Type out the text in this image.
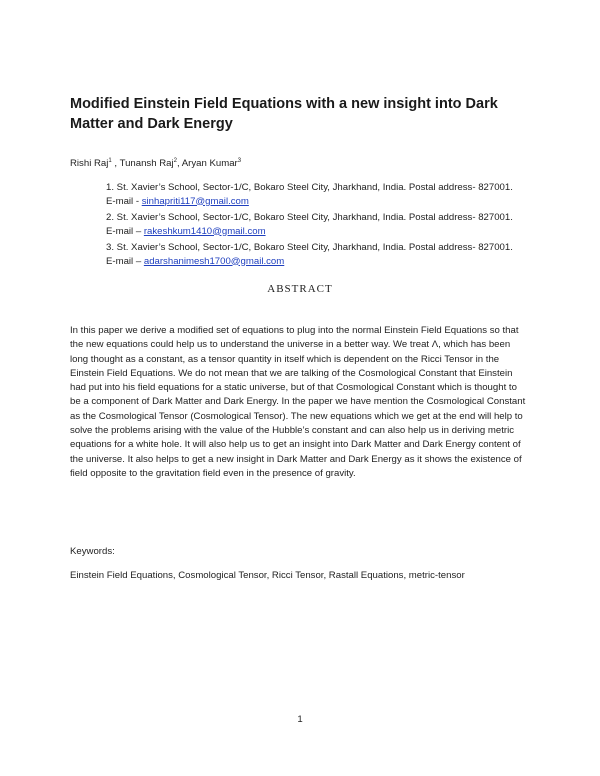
Modified Einstein Field Equations with a new insight into Dark Matter and Dark Energy
Rishi Raj$^1$ , Tunansh Raj$^2$, Aryan Kumar$^3$
1. St. Xavier’s School, Sector-1/C, Bokaro Steel City, Jharkhand, India. Postal address- 827001.
E-mail - sinhapriti117@gmail.com
2. St. Xavier’s School, Sector-1/C, Bokaro Steel City, Jharkhand, India. Postal address- 827001.
E-mail – rakeshkum1410@gmail.com
3. St. Xavier’s School, Sector-1/C, Bokaro Steel City, Jharkhand, India. Postal address- 827001.
E-mail – adarshanimesh1700@gmail.com
ABSTRACT
In this paper we derive a modified set of equations to plug into the normal Einstein Field Equations so that the new equations could help us to understand the universe in a better way. We treat Λ, which has been long thought as a constant, as a tensor quantity in itself which is dependent on the Ricci Tensor in the Einstein Field Equations. We do not mean that we are talking of the Cosmological Constant that Einstein had put into his field equations for a static universe, but of that Cosmological Constant which is thought to be a component of Dark Matter and Dark Energy. In the paper we have mention the Cosmological Constant as the Cosmological Tensor (Cosmological Tensor). The new equations which we get at the end will help to solve the problems arising with the value of the Hubble’s constant and can also help us in deriving metric equations for a white hole. It will also help us to get an insight into Dark Matter and Dark Energy content of the universe. It also helps to get a new insight in Dark Matter and Dark Energy as it shows the existence of field opposite to the gravitation field even in the presence of gravity.
Keywords:
Einstein Field Equations, Cosmological Tensor, Ricci Tensor, Rastall Equations, metric-tensor
1
